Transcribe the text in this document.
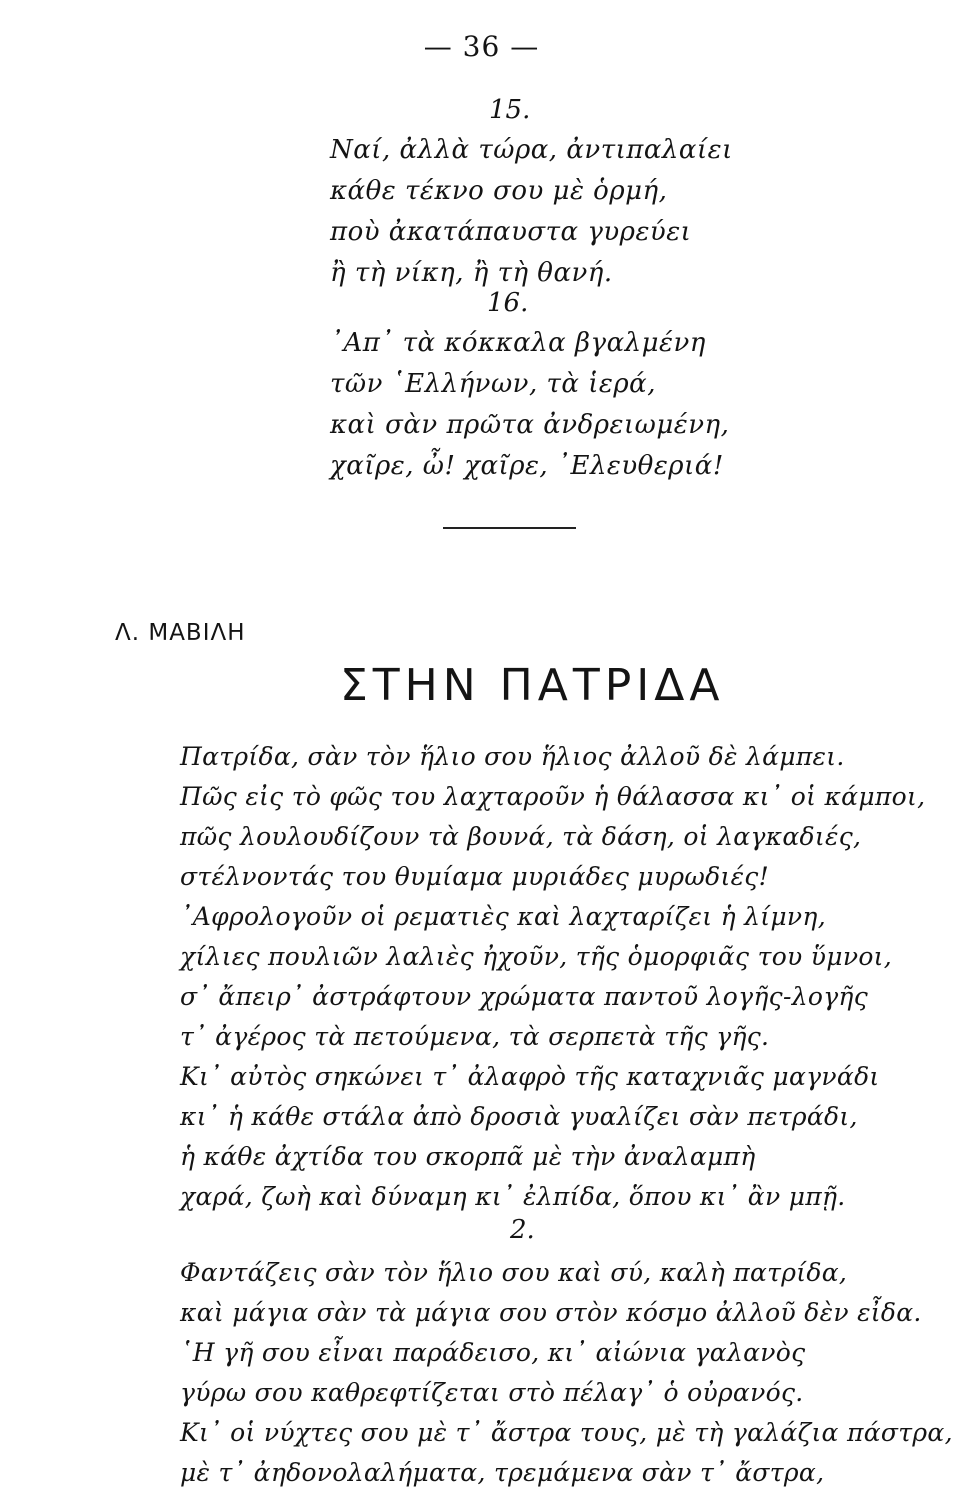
— 36 —
15.
Ναί, ἀλλὰ τώρα, ἀντιπαλαίει
κάθε τέκνο σου μὲ ὁρμή,
ποὺ ἀκατάπαυστα γυρεύει
ἢ τὴ νίκη, ἢ τὴ θανή.
16.
᾿Απ᾿ τὰ κόκκαλα βγαλμένη
τῶν ῾Ελλήνων, τὰ ἱερά,
καὶ σὰν πρῶτα ἀνδρειωμένη,
χαῖρε, ὦ! χαῖρε, ᾿Ελευθεριά!
Λ. ΜΑΒΙΛΗ
ΣΤΗΝ ΠΑΤΡΙΔΑ
Πατρίδα, σὰν τὸν ἥλιο σου ἥλιος ἀλλοῦ δὲ λάμπει.
Πῶς εἰς τὸ φῶς του λαχταροῦν ἡ θάλασσα κι᾿ οἱ κάμποι,
πῶς λουλουδίζουν τὰ βουνά, τὰ δάση, οἱ λαγκαδιές,
στέλνοντάς του θυμίαμα μυριάδες μυρωδιές!
᾿Αφρολογοῦν οἱ ρεματιὲς καὶ λαχταρίζει ἡ λίμνη,
χίλιες πουλιῶν λαλιὲς ἠχοῦν, τῆς ὁμορφιᾶς του ὕμνοι,
σ᾿ ἄπειρ᾿ ἀστράφτουν χρώματα παντοῦ λογῆς-λογῆς
τ᾿ ἀγέρος τὰ πετούμενα, τὰ σερπετὰ τῆς γῆς.
Κι᾿ αὐτὸς σηκώνει τ᾿ ἀλαφρὸ τῆς καταχνιᾶς μαγνάδι
κι᾿ ἡ κάθε στάλα ἀπὸ δροσιὰ γυαλίζει σὰν πετράδι,
ἡ κάθε ἀχτίδα του σκορπᾶ μὲ τὴν ἀναλαμπὴ
χαρά, ζωὴ καὶ δύναμη κι᾿ ἐλπίδα, ὅπου κι᾿ ἂν μπῇ.
2.
Φαντάζεις σὰν τὸν ἥλιο σου καὶ σύ, καλὴ πατρίδα,
καὶ μάγια σὰν τὰ μάγια σου στὸν κόσμο ἀλλοῦ δὲν εἶδα.
῾Η γῆ σου εἶναι παράδεισο, κι᾿ αἰώνια γαλανὸς
γύρω σου καθρεφτίζεται στὸ πέλαγ᾿ ὁ οὐρανός.
Κι᾿ οἱ νύχτες σου μὲ τ᾿ ἄστρα τους, μὲ τὴ γαλάζια πάστρα,
μὲ τ᾿ ἀηδονολαλήματα, τρεμάμενα σὰν τ᾿ ἄστρα,
